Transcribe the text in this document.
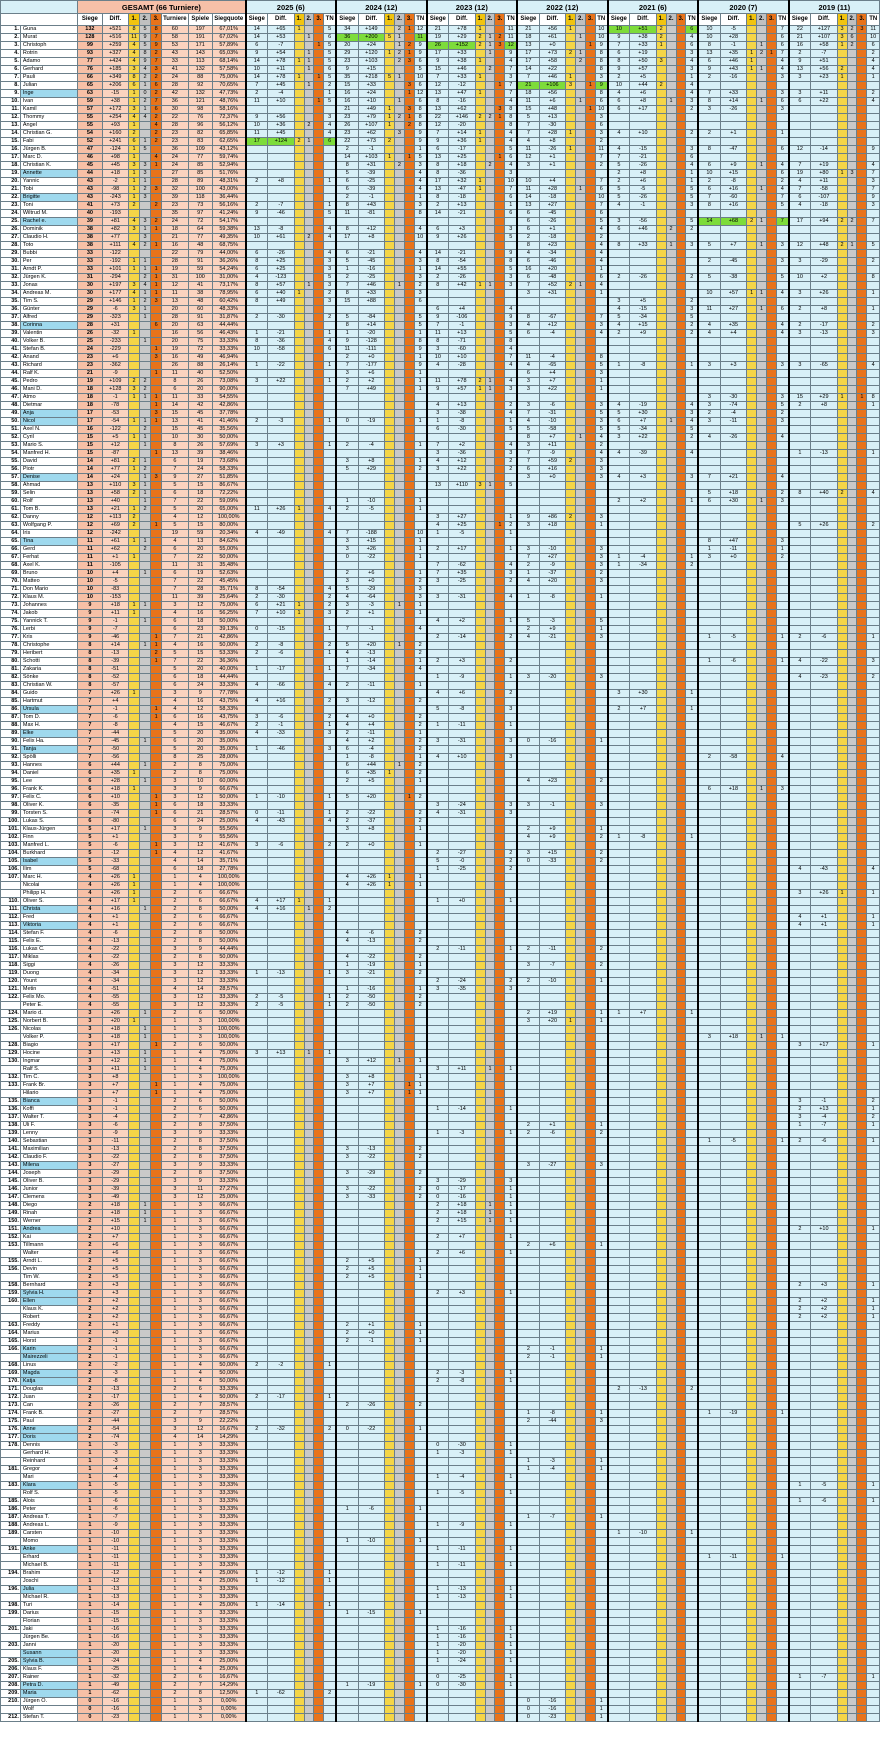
		GESAMT (66 Turniere)								2025 (6)						2024 (12)						2023 (12)						2022 (12)						2021 (6)						2020 (7)						2019 (11)					
		Siege	Diff.	1.	2.	3.	Turniere	Spiele	Siegquote	Siege	Diff.	1.	2.	3.	TN	Siege	Diff.	1.	2.	3.	TN	Siege	Diff.	1.	2.	3.	TN	Siege	Diff.	1.	2.	3.	TN	Siege	Diff.	1.	2.	3.	TN	Siege	Diff.	1.	2.	3.	TN	Siege	Diff.	1.	2.	3.	TN
1.	Guna	132	+521	8	5	8	60	197	67,01%	14	+65	1			5	34	+149		2	1	12	21	+78	1			11	21	+56	1			10	10	+51	2			6	10	-5				7	22	+127	3	2	3	11
2.	Murat	128	+516	11	9	7	58	191	67,02%	14	+53		1		6	36	+200	5	1		11	19	+29	2	1	2	11	18	+61		1		10	9	+38	2			4	10	+28				6	21	+107	3	6		10
3.	Christoph	99	+259	4	5	9	53	171	57,89%	6	-7			1	5	20	+24		1	2	9	26	+152	2	1	3	12	13	+0			1	9	7	+33	1			6	8	-1		1		6	16	+58	1	2		6
4.	Rotrin	93	+327	4	8	2	43	143	65,03%	9	+54		1		5	29	+120	1	2	1	9	17	+33		1		9	17	+73	2	1		8	6	+19				3	13	+35	1	2	1	7	2	-7				2
5.	Adamo	77	+424	4	9	7	33	113	68,14%	14	+78	1	1		5	23	+103		2	3	6	9	+38	1			4	17	+58		2		8	8	+50	3			4	6	+46	1			4	9	+51				4
6.	Gerhard	76	+185	3	4	3	41	132	57,58%	10	+11		1		6	9	+15				5	15	+46		2		7	14	+22				8	9	+57				3	9	+43	1	1		4	13	+56	2			4
7.	Pauli	66	+349	8	2	2	24	88	75,00%	14	+78	1		1	5	35	+218	5	1		10	7	+33	1			3	7	+46	1			3	2	+5				1	2	-16				3	3	+23	1			1
8.	Julian	65	+206	6	1	6	28	92	70,65%	7	+45		1		2	15	+33			3	6	12	-12			1	7	21	+106	3		1	9	10	+44	2			4												
9.	Inge	63	-15	1	0	2	42	132	47,73%	2	-4				1	16	+24			1	12	13	+47	1			7	18	+56				8	4	+6				4	7	+33				3	3	+11				2
10.	Ivan	59	+38	1	2	7	36	121	48,76%	11	+10			1	5	16	+10		1		6	8	-16				4	11	+6		1		6	6	+8		1		3	8	+14		1		6	6	+22				4
11.	Kamil	57	+172	3	1	6	30	98	58,16%							21	+49	1		3	8	13	+62			3	8	15	+48			1	10	6	+17				2	3	-26				3						
12.	Thommy	55	+254	4	4	2	22	76	72,37%	9	+56				3	23	+79	1	2	1	8	22	+146	2	2	1	8	5	+13				3																		
13.	Angel	55	+93	1		4	28	96	56,12%	10	+36		2		4	26	+107	1		2	8	12	-20				8	7	-30				6																		
14.	Christian G.	54	+160	2		2	23	82	65,85%	11	+45				4	23	+62		3		9	7	+14	1			4	7	+28	1			3	4	+10				2	2	+1				1						
15.	Fabi	52	+241	6	1	2	23	83	62,65%	17	+124	2	1		6	22	+73	2			9	9	+36	1			4	4	+8				2																		
16.	Jürgen B.	47	-124	1	5		36	109	43,12%							2	-1				1	6	-17				5	11	-26	1			11	4	-15				3	8	-47				6	12	-14				9
17.	Marc D.	46	+98	1		4	24	77	59,74%							14	+103	1		1	5	13	+25			1	6	12	+1				7	7	-21				6												
18.	Christian K.	45	+45	3	3	1	24	85	52,94%							8	+31		2		3	8	+18		2		4	3	+1				2	5	-26				4	6	+9		1		4	7	+19				4
19.	Annette	44	+18	1	3		27	85	51,76%							5	-39				4	8	-36				3							2	+8				1	10	+15				6	19	+80	1	3		7
20.	Yannic	43	-2	1	1		28	89	48,31%	2	+8				1	6	-25				4	17	+32	1			10	10	+4				7	2	+6				1	2	-8				2	4	+11				3
21.	Tobi	43	-98	1	2	3	32	100	43,00%							6	-39				4	13	-47	1			7	11	+28		1		6	5	-5				5	6	+16		1		4	7	-58				7
22.	Brigitte	43	-243	1	3		39	118	36,44%							2	-1				1	8	-18				6	14	-18				10	5	-26				5	7	-60				7	6	-107				9
23.	Toni	41	+73	2		2	23	73	56,16%	2	-7				1	8	+43				3	2	+13				1	13	+27				7	4	-1				3	8	+16				5	4	-18				3
24.	Wiltrud M.	40	-193				35	97	41,24%	9	-46				5	11	-81				8	14	-21				6	6	-45				6																		
25.	Rachel e.	39	+81	4	3	2	24	72	54,17%																			6	-26				5	3	-56				5	14	+68	2	1		7	17	+94	2	2		7
26.	Dominik	38	+82	3	1	1	18	64	59,38%	13	-8				4	8	+12				4	6	+3				3	6	+1				4	6	+46		2		2												
27.	Claudio H.	38	+77		3		21	77	49,35%	10	+61		2		4	17	+8				10	9	+26				5	2	-18				2																		
28.	Toto	38	+111	4	2	1	16	48	68,75%																			8	+23				4	8	+33		1		3	5	+7		1		3	12	+48	2	1		5
29.	Bubbi	33	-122				22	79	44,00%	6	-26				4	6	-21				4	14	-21				9	4	-34				4																		
30.	Per	33	-192	1	1		28	91	36,26%	8	+25				3	5	-45				3	8	-54				8	6	-46				4							2	-45				3	3	-29				2
31.	Arndt P.	33	+101	1	1	1	19	59	54,24%	6	+25				3	1	-16				1	14	+55				5	16	+20				1																		
32.	Jürgen K.	31	-294		2	1	31	100	31,00%	4	-123				5	2	-25				3	2	-26				3	6	-48				6	2	-26				2	5	-38				5	10	+2				8
33.	Jonas	30	+197	3	4	1	12	41	73,17%	8	+57		1		3	7	+46		1		2	8	+42	1	1		3	7	+52	2	1		4																		
34.	Andreas M.	30	+177	4	1	1	11	38	78,95%	6	+40	1			2	8	+33				3							3	+31				1							10	+57	1	1		4	3	+26				1
35.	Tim S.	29	+146	1	2	3	13	48	60,42%	8	+49				3	15	+88				6													3	+5				2												
36.	Günter	29	-6	3	1		20	60	48,33%													6	+4				4							4	-15				3	11	+27		1		6	2	+8				1
37.	Alfred	29	-323		1		28	91	31,87%	2	-30				2	5	-84				5	9	-106				9	8	-67				7	5	-34				5												
38.	Corinna	28	+31			6	20	63	44,44%							8	+14				5	7	-1				3	4	+12				3	4	+15				2	4	+35				4	2	-17				2
39.	Valentin	26	-32	1			16	56	46,43%	1	-21				1	1	-20				1	11	+13				5	6	-4				4	2	+9				2	4	+4				4	3	-13				3
40.	Volker B.	25	-233		1		20	75	33,33%	8	-36				4	9	-128				8	8	-71				8																								
41.	Stefan B.	24	-229			1	19	72	33,33%	10	-58				6	11	-111				9	3	-60				4																								
42.	Anand	23	+6			3	16	49	46,94%							2	+0				1	10	+10				7	11	-4				8																		
43.	Richard	23	-362				26	88	26,14%	1	-22				1	7	-177				9	4	-28				4	4	-65				5	1	-8				1	3	+3				3	3	-65				4
44.	Ralf K.	21	-9			1	11	40	52,50%							3	+6				1							6	+4				3																		
45.	Pedro	19	+109	2	2		8	26	73,08%	3	+22				1	2	+2				1	11	+78	2	1		4	3	+7				1																		
46.	Mani D.	18	+128	3	2		6	20	90,00%							7	+49				1	9	+57	1	1		3	3	+22				1																		
47.	Atmo	18	-1	1	1	1	11	33	54,55%																															3	-30				3	15	+29	1		1	8
48.	Dietmar	18	-78			1	14	42	42,86%													4	+13				2	3	-6				3	4	-19				4	3	-74				5	2	+8				1
49.	Anja	17	-53			3	15	45	37,78%													3	-38				4	7	-31				5	5	+30				3	2	-4				2						
50.	Nicol	17	-54	1	1	1	13	41	41,46%	2	-3				1	0	-19				1	1	-8				1	4	-10				3	6	+7		1		4	3	-11				3						
51.	Axel N.	16	-122		2		15	45	35,56%													6	-30				5	5	-58				5	5	-34				5												
52.	Cyril	15	+5	1	1		10	30	50,00%																			8	+7		1		4	3	+22				2	4	-26				4						
53.	Mario S.	15	+12		1		8	26	57,69%	3	+3				1	2	-4				1	7	+2				4	3	+11				2																		
54.	Manfred H.	15	-87			1	13	39	38,46%													3	-36				3	7	-9				4	4	-39				4							1	-13				1
55.	David	14	+81	2	1		6	19	73,68%							3	+8				1	4	+12				2	7	+59	2			3																		
56.	Piotr	14	+77	1	2		7	24	58,33%							5	+29				2	3	+22				2	6	+16				3																		
57.	Denise	14	+24		1	3	9	27	51,85%																			3	+0				3	4	+3				3	7	+21				4						
58.	Ahmad	13	+110	3	1		5	15	86,67%													13	+110	3	1		5																								
59.	Selin	13	+58	2	1		6	18	72,22%																															5	+18				2	8	+40	2			4
60.	Rolf	13	+40		1		7	22	59,09%							1	-10				1													2	+2				1	6	+30		1		3						
61.	Tom B.	13	+21	1	2		5	20	65,00%	11	+26	1			4	2	-5				1																														
62.	Danny	12	+113	2			4	12	100,00%													3	+27				1	9	+86	2			3																		
63.	Wolfgang P.	12	+69	2		1	5	15	80,00%													4	+25			1	2	3	+18				1													5	+26				2
64.	Iris	12	-242				19	59	20,34%	4	-49				4	7	-188				10	1	-5				1																								
65.	Tina	11	+61	1	1		4	13	84,62%							3	+15				1																			8	+47				3						
66.	Gerd	11	+62		2		6	20	55,00%							3	+26				1	2	+17				1	3	-10				3							1	-11				1						
67.	Ferhat	11	+1	1			7	22	50,00%							0	-22				1							7	+27				3	1	-4				1	3	+0				2						
68.	Axel K.	11	-105				11	31	35,48%													7	-62				4	2	-9				3	1	-34				2												
69.	Bruno	10	+4		1		6	19	52,63%							2	+6				1	7	+35				3	1	-37				2																		
70.	Matteo	10	-5				7	22	45,45%							3	+0				2	3	-25				2	4	+20				3																		
71.	Don Mario	10	-83				7	28	35,71%	8	-54				4	5	-29				3																														
72.	Klaus M.	10	-153				11	39	25,64%	2	-30				2	4	-64				3	3	-31				4	1	-8				1																		
73.	Johannes	9	+18	1	1		3	12	75,00%	6	+21	1			2	3	-3		1		1																														
74.	Jakob	9	+11	1			4	16	56,25%	7	+10	1			3	2	+1				1																														
75.	Yannick T.	9	-1		1		6	18	50,00%													4	+2				1	5	-3				5																		
76.	Lerbi	9	-7				6	23	39,13%	0	-15				1	7	-1				4							2	+9				1																		
77.	Kris	9	-46			1	7	21	42,86%													2	-14				2	4	-21				3							1	-5				1	2	-6				1
78.	Christophe	8	+14		1	1	4	16	50,00%	2	-8				2	5	+20		1		2																														
79.	Heribert	8	-13			2	5	15	53,33%	2	-6				1	4	-13				2																														
80.	Schotti	8	-39			1	7	22	36,36%							1	-14				1	2	+3				2													1	-6				1	4	-22				3
81.	Zakaria	8	-51				5	20	40,00%	1	-17				1	7	-34				4																														
82.	Sönke	8	-52				6	18	44,44%													1	-9				1	3	-20				3													4	-23				2
83.	Christian W.	8	-57				6	24	33,33%	4	-66				4	2	-11				1																														
84.	Guido	7	+26	1			3	9	77,78%													4	+6				2							3	+30				1												
85.	Hartmut	7	+4				4	16	43,75%	4	+16				2	3	-12				2																														
86.	Ursula	7	-1			1	4	12	58,33%													5	-8				3							2	+7				1												
87.	Tom D.	7	-6			1	6	16	43,75%	3	-6				2	4	+0				2																														
88.	Max H.	7	-8				4	15	46,67%	2	-1				1	4	+4				2	1	-11				1																								
89.	Elke	7	-44				5	20	35,00%	4	-33				3	2	-11				1																														
90.	Felix Ha.	7	-45		1		6	20	35,00%							4	+2				2	3	-31				3	0	-16				1																		
91.	Tanja	7	-50				5	20	35,00%	1	-46				3	6	-4				2																														
92.	Spölli	7	-56				8	25	28,00%							1	-8				1	4	+10				3													2	-58				4						
93.	Hannes	6	+44		1		2	8	75,00%							6	+44		1		2																														
94.	Daniel	6	+35	1			2	8	75,00%							6	+35	1			2																														
95.	Lee	6	+28		1		3	10	60,00%							2	+5				1							4	+23				2																		
96.	Frank K.	6	+18	1			3	9	66,67%																															6	+18		1		3						
97.	Felix C.	6	+10			1	3	12	50,00%	1	-10				1	5	+20			1	2																														
98.	Oliver K.	6	-35			1	6	18	33,33%													3	-24				3	3	-1				3																		
99.	Torsten S.	6	-74			1	6	21	28,57%	0	-11				1	2	-22				2	4	-31				3																								
100.	Lukas S.	6	-80				6	24	25,00%	4	-43				4	2	-37				2																														
101.	Klaus-Jürgen	5	+17		1		3	9	55,56%							3	+8				1							2	+9				1																		
102.	Finn	5	+1				3	9	55,56%																			4	+9				2	1	-8				1												
103.	Manfred L.	5	-6			1	3	12	41,67%	3	-6				2	2	+0				1																														
104.	Burkhard	5	-12			1	4	12	41,67%													2	-27				2	3	+15				2																		
105.	Isabel	5	-33				4	14	35,71%													5	-0				2	0	-33				2																		
106.	Ilim	5	-68				6	18	27,78%													1	-25				2																			4	-43				4
107.	Marc H.	4	+26	1			1	4	100,00%							4	+26	1			1																														
	Nicolai	4	+26	1			1	4	100,00%							4	+26	1			1																														
	Philipp H.	4	+26	1			2	6	66,67%																																					3	+26	1			1
110.	Oliver S.	4	+17	1			2	6	66,67%	4	+17	1			1							1	+0				1																								
111.	Christa	4	+16		1		2	8	50,00%	4	+16		1		2																																				
112.	Fred	4	+1				2	6	66,67%																																					4	+1				1
113.	Viktoria	4	+1				2	6	66,67%																																					4	+1				1
114.	Stefan F.	4	-6				2	8	50,00%							4	-6				2																														
115.	Felix E.	4	-13				2	8	50,00%							4	-13				2																														
116.	Lukas C.	4	-22				3	9	44,44%													2	-11				1	2	-11				2																		
117.	Miklas	4	-22				2	8	50,00%							4	-22				2																														
118.	Siggi	4	-26				3	12	33,33%							1	-19				1							3	-7				2																		
119.	Duong	4	-34				3	12	33,33%	1	-13				1	3	-21				2																														
120.	Yount	4	-34				3	12	33,33%													2	-24				2	2	-10				1																		
121.	Metin	4	-51				4	14	28,57%							1	-16				1	3	-35				3																								
122.	Felix Mo.	4	-55				3	12	33,33%	2	-5				1	2	-50				2																														
	Peter E.	4	-55				3	12	33,33%	2	-5				1	2	-50				2																														
124.	Mario d.	3	+26		1		2	6	50,00%																			2	+19				1	1	+7				1												
125.	Norbert B.	3	+20	1			1	3	100,00%																			3	+20	1			1																		
126.	Nicolas	3	+18		1		1	3	100,00%																																										
	Volker P.	3	+18		1		1	3	100,00%																															3	+18		1		1						
128.	Biagio	3	+17			1	2	6	50,00%																																					3	+17				1
129.	Hocine	3	+13		1		1	4	75,00%	3	+13		1		1																																				
130.	Ingmar	3	+12		1		1	4	75,00%							3	+12		1		1																														
	Ralf S.	3	+11		1		1	4	75,00%													3	+11		1		1																								
132.	Tim C.	3	+8				1	3	100,00%							3	+8				1																														
133.	Frank Br.	3	+7			1	1	4	75,00%							3	+7			1	1																														
	Hilario	3	+7			1	1	4	75,00%							3	+7			1	1																														
135.	Bianca	3	-1				2	6	50,00%																																					3	-1				2
136.	Koffi	3	-1				2	6	50,00%													1	-14				1																			2	+13				1
137.	Walter T.	3	-4				2	7	42,86%																																					3	-4				2
138.	Uli F.	3	-6				2	8	37,50%																			2	+1				1													1	-7				1
139.	Lenny	3	-9				3	9	33,33%													1	-3				1	2	-6				2																		
140.	Sebastian	3	-11				2	8	37,50%																															1	-5				1	2	-6				1
141.	Maximilian	3	-13				2	8	37,50%							3	-13				2																														
142.	Claudio F.	3	-22				2	8	37,50%							3	-22				2																														
143.	Milena	3	-27				3	9	33,33%																			3	-27				3																		
144.	Joseph	3	-29				2	8	37,50%							3	-29				2																														
145.	Oliver B.	3	-29				3	9	33,33%													3	-29				3																								
146.	Junior	3	-39				3	11	27,27%							3	-22				2	0	-17				1																								
147.	Clemens	3	-49				3	12	25,00%							3	-33				2	0	-16				1																								
148.	Diego	2	+18		1		1	3	66,67%													2	+18		1		1																								
149.	Rinah	2	+18		1		1	3	66,67%													2	+18		1		1																								
150.	Werner	2	+15		1		1	3	66,67%													2	+15		1		1																								
151.	Andrea	2	+10				1	3	66,67%																																					2	+10				1
152.	Kai	2	+7				1	3	66,67%													2	+7				1																								
153.	Tillmann	2	+6				1	3	66,67%																			2	+6				1																		
	Walter	2	+6				1	3	66,67%													2	+6				1																								
155.	Arndt L.	2	+5				1	3	66,67%							2	+5				1																														
156.	Devin	2	+5				1	3	66,67%							2	+5				1																														
	Tim W.	2	+5				1	3	66,67%							2	+5				1																														
158.	Bernhard	2	+3				1	3	66,67%																																					2	+3				1
159.	Sylvia H.	2	+3				1	3	66,67%													2	+3				1																								
160.	Ellen	2	+2				1	3	66,67%																																					2	+2				1
	Klaus K.	2	+2				1	3	66,67%																																					2	+2				1
	Robert	2	+2				1	3	66,67%																																					2	+2				1
163.	Freddy	2	+1				1	3	66,67%							2	+1				1																														
164.	Marius	2	+0				1	3	66,67%							2	+0				1																														
165.	Horst	2	-1				1	3	66,67%							2	-1				1																														
166.	Karin	2	-1				1	3	66,67%																			2	-1				1																		
	Mairezzeli	2	-1				1	3	66,67%																			2	-1				1																		
168.	Linus	2	-2				1	4	50,00%	2	-2				1																																				
169.	Magda	2	-3				1	4	50,00%													2	-3				1																								
170.	Katja	2	-8				1	4	50,00%													2	-8				1																								
171.	Douglas	2	-13				2	6	33,33%																									2	-13				2												
172.	Juan	2	-17				1	4	50,00%	2	-17				1																																				
173.	Can	2	-26				2	7	28,57%							2	-26				2																														
174.	Frank B.	2	-27				2	7	28,57%																			1	-8				1							1	-19				1						
175.	Paul	2	-44				3	9	22,22%																			2	-44				3																		
176.	Anne	2	-54				3	12	16,67%	2	-32				2	0	-22				1																														
177.	Doris	2	-74				4	14	14,29%																																										
178.	Dennis	1	-3				1	3	33,33%													0	-30				1																								
	Gerhard H.	1	-3				1	3	33,33%													1	-3				1																								
	Reinhard	1	-3				1	3	33,33%																			1	-3				1																		
181.	Gregor	1	-4				1	3	33,33%																			1	-4				1																		
	Mari	1	-4				1	3	33,33%													1	-4				1																								
183.	Klara	1	-5				1	3	33,33%																																					1	-5				1
	Rolf S.	1	-5				1	3	33,33%													1	-5				1																								
185.	Alois	1	-6				1	3	33,33%																																					1	-6				1
186.	Peter	1	-6				1	3	33,33%							1	-6				1																														
187.	Andreas T.	1	-7				1	3	33,33%																			1	-7				1																		
188.	Andreas L.	1	-9				1	3	33,33%													1	-9				1																								
189.	Carsten	1	-10				1	3	33,33%																									1	-10				1												
	Momo	1	-10				1	3	33,33%							1	-10				1																														
191.	Anke	1	-11				1	3	33,33%													1	-11				1																								
	Erhard	1	-11				1	3	33,33%																															1	-11				1						
	Michael B.	1	-11				1	3	33,33%													1	-11				1																								
194.	Brahim	1	-12				1	4	25,00%	1	-12				1																																				
	Joschi	1	-12				1	4	25,00%	1	-12				1																																				
196.	Julia	1	-13				1	3	33,33%													1	-13				1																								
	Michael R.	1	-13				1	3	33,33%													1	-13				1																								
198.	Turi	1	-14				1	4	25,00%	1	-14				1																																				
199.	Darius	1	-15				1	3	33,33%							1	-15				1																														
	Florian	1	-15				1	3	33,33%																																										
201.	Jaki	1	-16				1	3	33,33%													1	-16				1																								
	Jürgen Be.	1	-16				1	3	33,33%													1	-16				1																								
203.	Janni	1	-20				1	3	33,33%													1	-20				1																								
	Susann	1	-20				1	3	33,33%													1	-20				1																								
205.	Sylvia B.	1	-24				1	4	25,00%													1	-24				1																								
206.	Klaus F.	1	-25				1	4	25,00%																																										
207.	Rainer	1	-32				2	6	16,67%													0	-25				1																			1	-7				1
208.	Petra D.	1	-49				2	7	14,29%							1	-19				1	0	-30				1																								
209.	Maria	1	-62				2	8	12,50%	1	-62				2																																				
210.	Jürgen O.	0	-16				1	3	0,00%																			0	-16				1																		
	Wolf	0	-16				1	3	0,00%																			0	-16				1																		
212.	Stefan T.	0	-23				1	3	0,00%																			0	-23				1																		
